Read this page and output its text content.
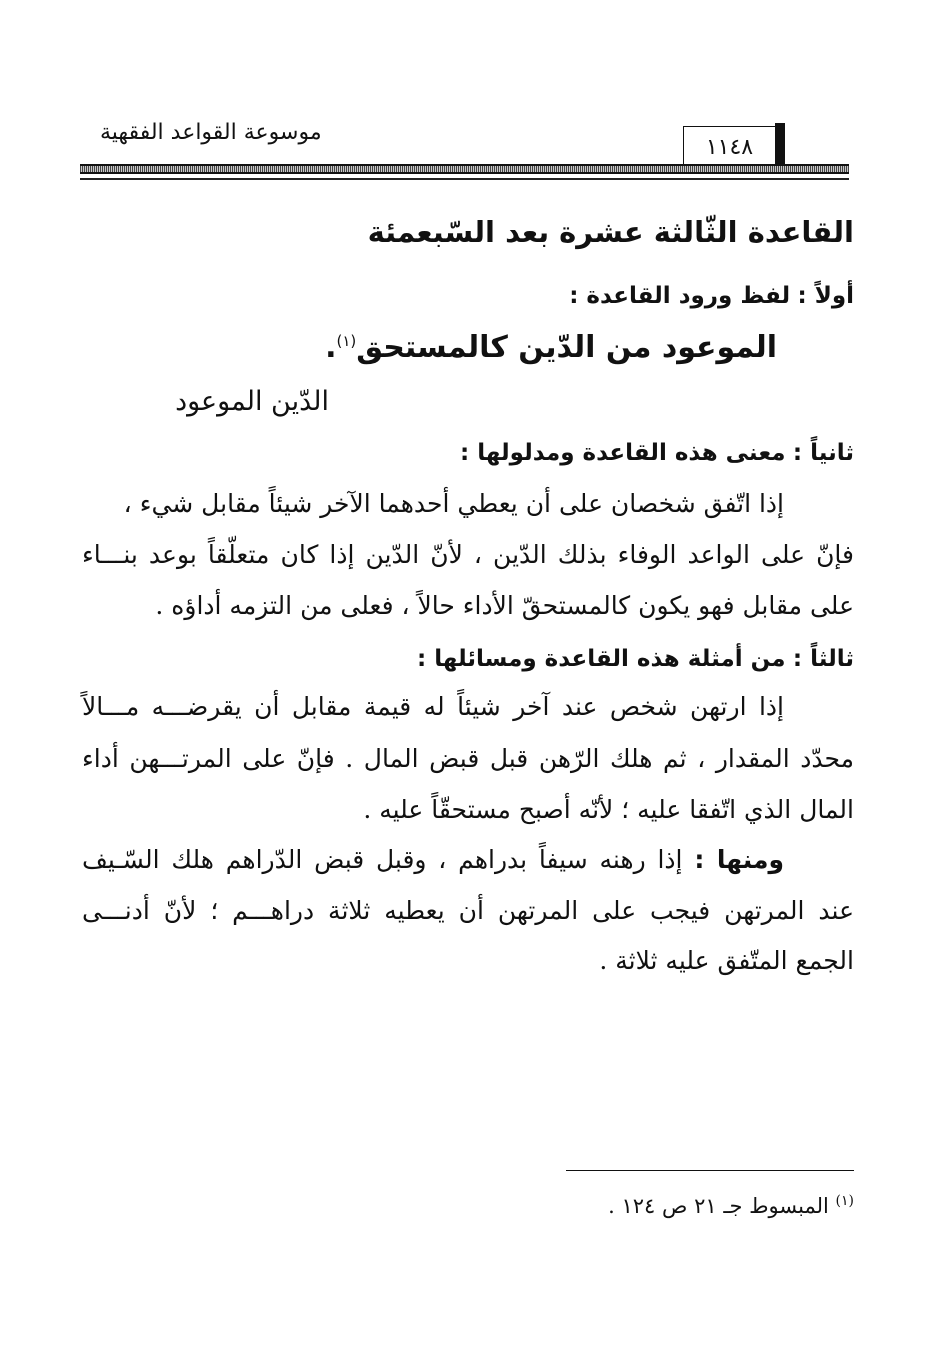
موسوعة القواعد الفقهية
١١٤٨
القاعدة الثّالثة عشرة بعد السّبعمئة
أولاً : لفظ ورود القاعدة :
الموعود من الدّين كالمستحق$^{(١)}$.
الدّين الموعود
ثانياً : معنى هذه القاعدة ومدلولها :
إذا اتّفق شخصان على أن يعطي أحدهما الآخر شيئاً مقابل شيء ،
فإنّ على الواعد الوفاء بذلك الدّين ، لأنّ الدّين إذا كان متعلّقاً بوعد بنـــاء
على مقابل فهو يكون كالمستحقّ الأداء حالاً ، فعلى من التزمه أداؤه .
ثالثاً : من أمثلة هذه القاعدة ومسائلها :
إذا ارتهن شخص عند آخر شيئاً له قيمة مقابل أن يقرضـــه مـــالاً
محدّد المقدار ، ثم هلك الرّهن قبل قبض المال . فإنّ على المرتـــهن أداء
المال الذي اتّفقا عليه ؛ لأنّه أصبح مستحقّاً عليه .
ومنها : إذا رهنه سيفاً بدراهم ، وقبل قبض الدّراهم هلك السّـيف
عند المرتهن فيجب على المرتهن أن يعطيه ثلاثة دراهـــم ؛ لأنّ أدنـــى
الجمع المتّفق عليه ثلاثة .
$^{(١)}$ المبسوط جـ ٢١ ص ١٢٤ .
